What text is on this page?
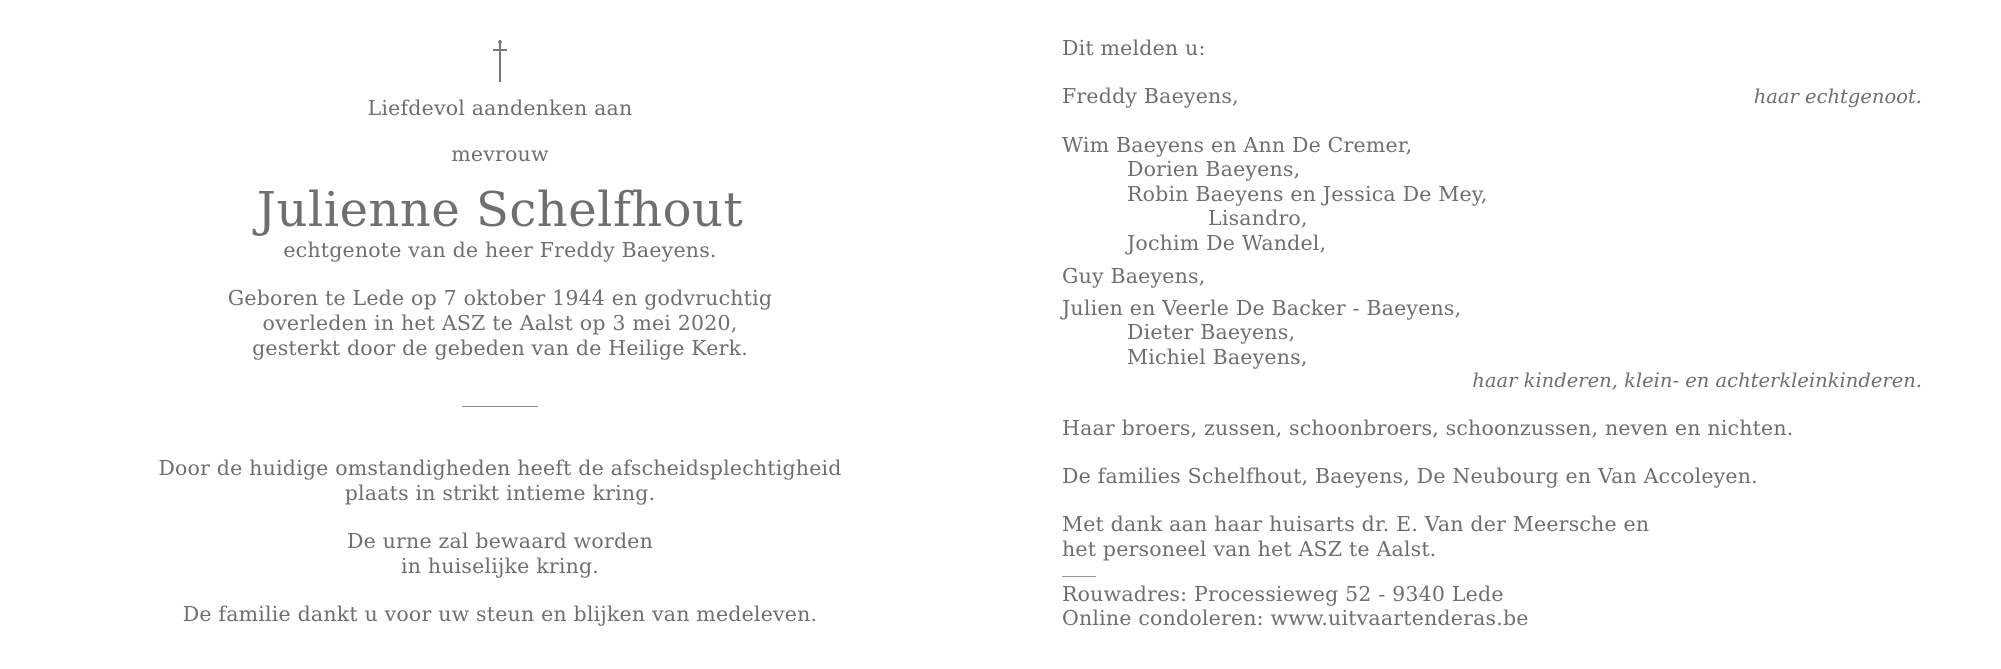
Liefdevol aandenken aan
mevrouw
Julienne Schelfhout
echtgenote van de heer Freddy Baeyens.
Geboren te Lede op 7 oktober 1944 en godvruchtig
overleden in het ASZ te Aalst op 3 mei 2020,
gesterkt door de gebeden van de Heilige Kerk.
Door de huidige omstandigheden heeft de afscheidsplechtigheid
plaats in strikt intieme kring.
De urne zal bewaard worden
in huiselijke kring.
De familie dankt u voor uw steun en blijken van medeleven.
Dit melden u:
Freddy Baeyens,	haar echtgenoot.
Wim Baeyens en Ann De Cremer,
Dorien Baeyens,
Robin Baeyens en Jessica De Mey,
Lisandro,
Jochim De Wandel,
Guy Baeyens,
Julien en Veerle De Backer - Baeyens,
Dieter Baeyens,
Michiel Baeyens,
haar kinderen, klein- en achterkleinkinderen.
Haar broers, zussen, schoonbroers, schoonzussen, neven en nichten.
De families Schelfhout, Baeyens, De Neubourg en Van Accoleyen.
Met dank aan haar huisarts dr. E. Van der Meersche en
het personeel van het ASZ te Aalst.
Rouwadres: Processieweg 52 - 9340 Lede
Online condoleren: www.uitvaartenderas.be
